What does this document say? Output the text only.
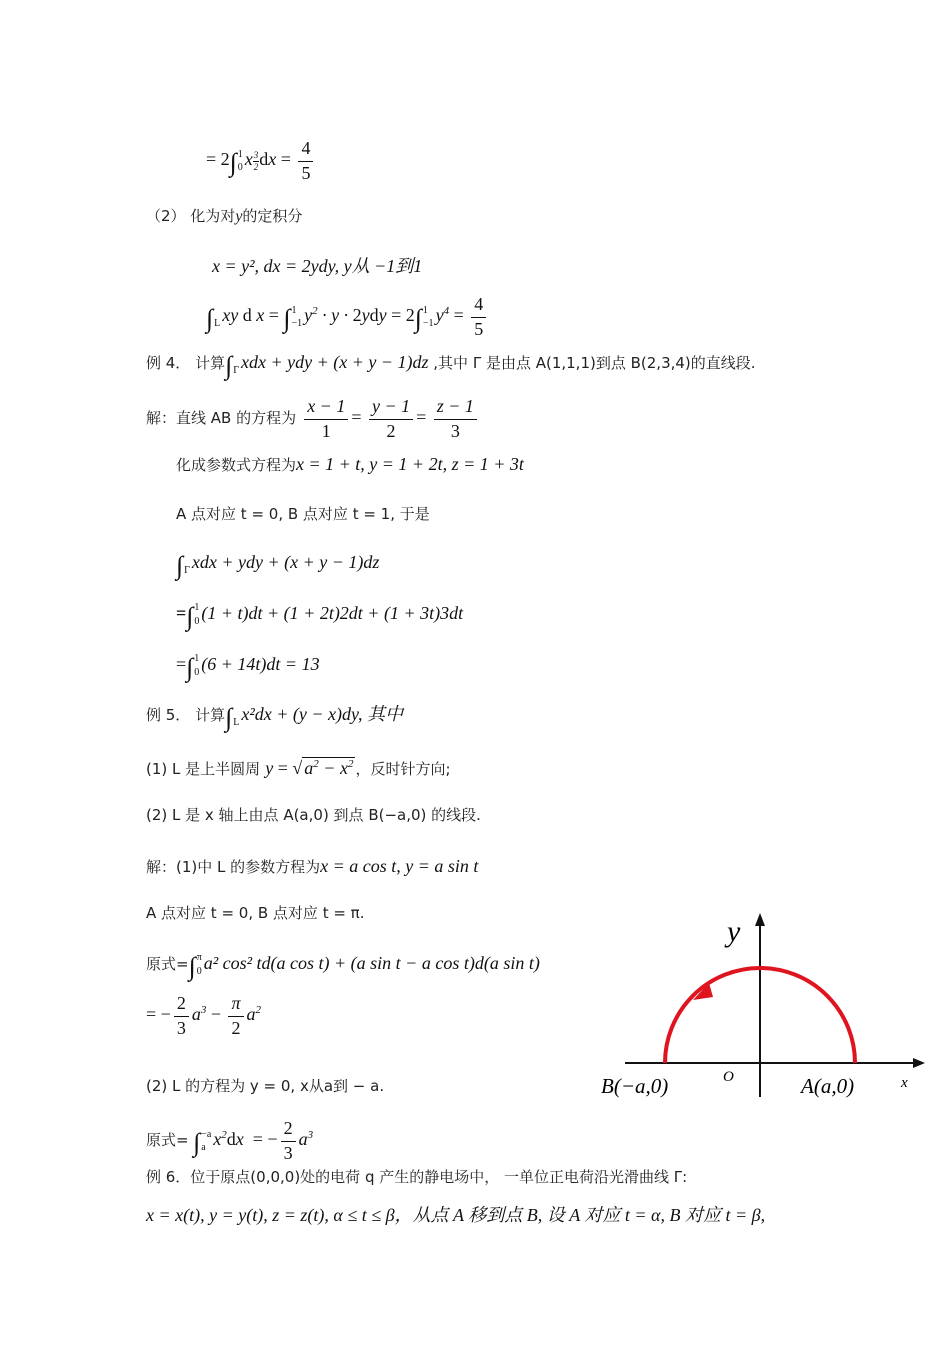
= 2∫ 1
0 x $\frac{3}{2}$ dx = $\frac{4}{5}$
（2） 化为对y的定积分
x = y², dx = 2ydy, y从 −1到1
∫
L xy d x = ∫ 1
−1 $y^2 \cdot y \cdot 2ydy = 2\int$ 1
−1 $y^4 = \frac{4}{5}$
例 4． 计算∫
Γ xdx + ydy + (x + y − 1)dz ,其中 Γ 是由点 A(1,1,1)到点 B(2,3,4)的直线段.
解：直线 AB 的方程为 $\frac{x - 1}{1} = \frac{y - 1}{2} = \frac{z - 1}{3}$
化成参数式方程为x = 1 + t, y = 1 + 2t, z = 1 + 3t
A 点对应 t = 0, B 点对应 t = 1, 于是
∫
Γ xdx + ydy + (x + y − 1)dz
=∫ 1
0 (1 + t)dt + (1 + 2t)2dt + (1 + 3t)3dt
=∫ 1
0 (6 + 14t)dt = 13
例 5． 计算∫
L x²dx + (y − x)dy, 其中
(1) L 是上半圆周 y = √ $a^2 - x^2$ ，反时针方向;
(2) L 是 x 轴上由点 A(a,0) 到点 B(−a,0) 的线段.
解：(1)中 L 的参数方程为x = a cos t, y = a sin t
A 点对应 t = 0, B 点对应 t = π.
原式=∫ π
0 a² cos² td(a cos t) + (a sin t − a cos t)d(a sin t)
= − $\frac{2}{3} a^3 - \frac{\pi}{2} a^2$
(2) L 的方程为 y = 0, x从a到 − a.
原式= ∫ −a
a $x^2dx$  = − $\frac{2}{3} a^3$
例 6．位于原点(0,0,0)处的电荷 q 产生的静电场中， 一单位正电荷沿光滑曲线 Γ:
x = x(t), y = y(t), z = z(t), α ≤ t ≤ β，从点 A 移到点 B, 设 A 对应 t = α, B 对应 t = β,
y
x
O
B(−a,0)	A(a,0)
